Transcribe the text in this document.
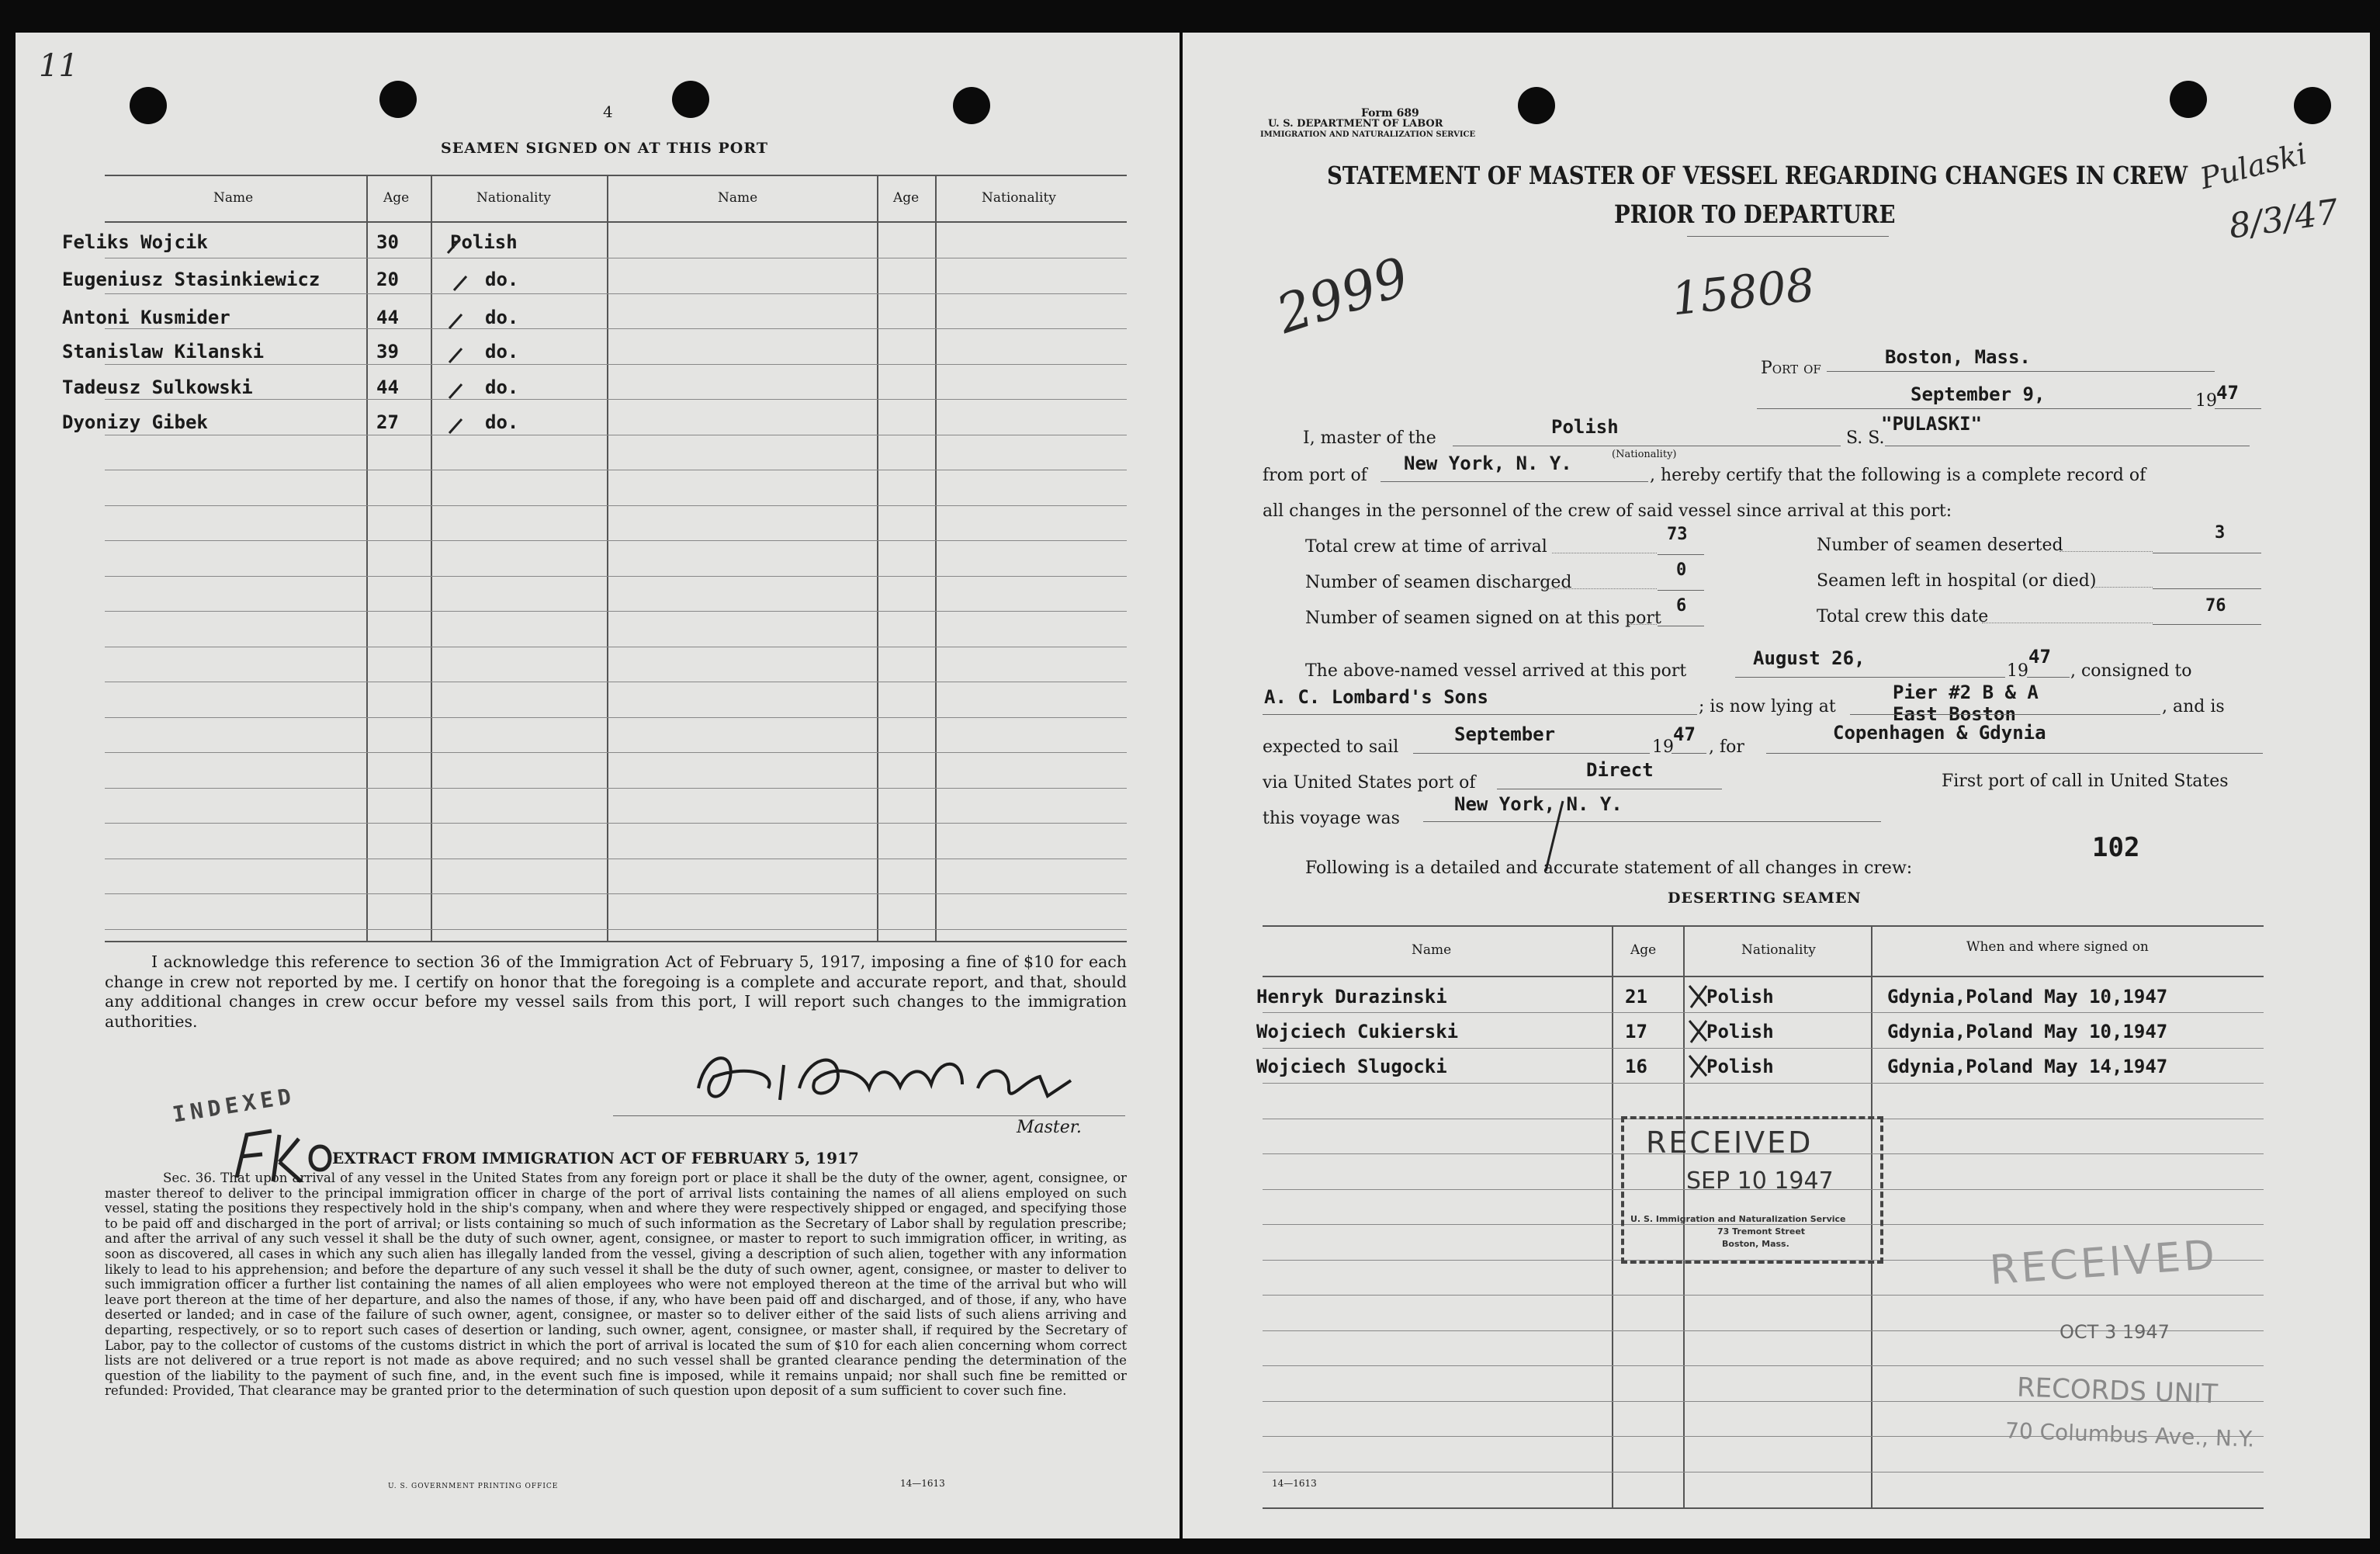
11
4
SEAMEN SIGNED ON AT THIS PORT
Name	Age	Nationality	Name	Age	Nationality
Feliks Wojcik	30	Polish
Eugeniusz Stasinkiewicz	20	do.
Antoni Kusmider	44	do.
Stanislaw Kilanski	39	do.
Tadeusz Sulkowski	44	do.
Dyonizy Gibek	27	do.
I acknowledge this reference to section 36 of the Immigration Act of February 5, 1917, imposing a fine of $10 for each change in crew not reported by me. I certify on honor that the foregoing is a complete and accurate report, and that, should any additional changes in crew occur before my vessel sails from this port, I will report such changes to the immigration authorities.
E. Pawlowicz
Master.
INDEXED
EXTRACT FROM IMMIGRATION ACT OF FEBRUARY 5, 1917
Sec. 36. That upon arrival of any vessel in the United States from any foreign port or place it shall be the duty of the owner, agent, consignee, or master thereof to deliver to the principal immigration officer in charge of the port of arrival lists containing the names of all aliens employed on such vessel, stating the positions they respectively hold in the ship's company, when and where they were respectively shipped or engaged, and specifying those to be paid off and discharged in the port of arrival; or lists containing so much of such information as the Secretary of Labor shall by regulation prescribe; and after the arrival of any such vessel it shall be the duty of such owner, agent, consignee, or master to report to such immigration officer, in writing, as soon as discovered, all cases in which any such alien has illegally landed from the vessel, giving a description of such alien, together with any information likely to lead to his apprehension; and before the departure of any such vessel it shall be the duty of such owner, agent, consignee, or master to deliver to such immigration officer a further list containing the names of all alien employees who were not employed thereon at the time of the arrival but who will leave port thereon at the time of her departure, and also the names of those, if any, who have been paid off and discharged, and of those, if any, who have deserted or landed; and in case of the failure of such owner, agent, consignee, or master so to deliver either of the said lists of such aliens arriving and departing, respectively, or so to report such cases of desertion or landing, such owner, agent, consignee, or master shall, if required by the Secretary of Labor, pay to the collector of customs of the customs district in which the port of arrival is located the sum of $10 for each alien concerning whom correct lists are not delivered or a true report is not made as above required; and no such vessel shall be granted clearance pending the determination of the question of the liability to the payment of such fine, and, in the event such fine is imposed, while it remains unpaid; nor shall such fine be remitted or refunded: Provided, That clearance may be granted prior to the determination of such question upon deposit of a sum sufficient to cover such fine.
U. S. GOVERNMENT PRINTING OFFICE	14—1613
Form 689
U. S. DEPARTMENT OF LABOR
IMMIGRATION AND NATURALIZATION SERVICE
STATEMENT OF MASTER OF VESSEL REGARDING CHANGES IN CREW
PRIOR TO DEPARTURE
Pulaski
8/3/47
2999	15808
Port of
Boston, Mass.
September 9,	19 47
I, master of the
Polish
(Nationality)
S. S.
"PULASKI"
from port of
New York, N. Y.
, hereby certify that the following is a complete record of
all changes in the personnel of the crew of said vessel since arrival at this port:
Total crew at time of arrival
73
Number of seamen deserted
3
Number of seamen discharged
0
Seamen left in hospital (or died)
Number of seamen signed on at this port
6
Total crew this date
76
The above-named vessel arrived at this port
August 26,
19
47
, consigned to
A. C. Lombard's Sons	; is now lying at
Pier #2 B & A
East Boston	, and is
expected to sail
September
19
47
, for
Copenhagen & Gdynia
via United States port of
Direct
First port of call in United States
this voyage was
New York, N. Y.
102
Following is a detailed and accurate statement of all changes in crew:
DESERTING SEAMEN
Name	Age	Nationality	When and where signed on
Henryk Durazinski	21	Polish	Gdynia,Poland May 10,1947
Wojciech Cukierski	17	Polish	Gdynia,Poland May 10,1947
Wojciech Slugocki	16	Polish	Gdynia,Poland May 14,1947
RECEIVED
SEP 10 1947
U. S. Immigration and Naturalization Service
73 Tremont Street
Boston, Mass.	RECEIVED
OCT 3 1947
RECORDS UNIT
70 Columbus Ave., N.Y.
14—1613
